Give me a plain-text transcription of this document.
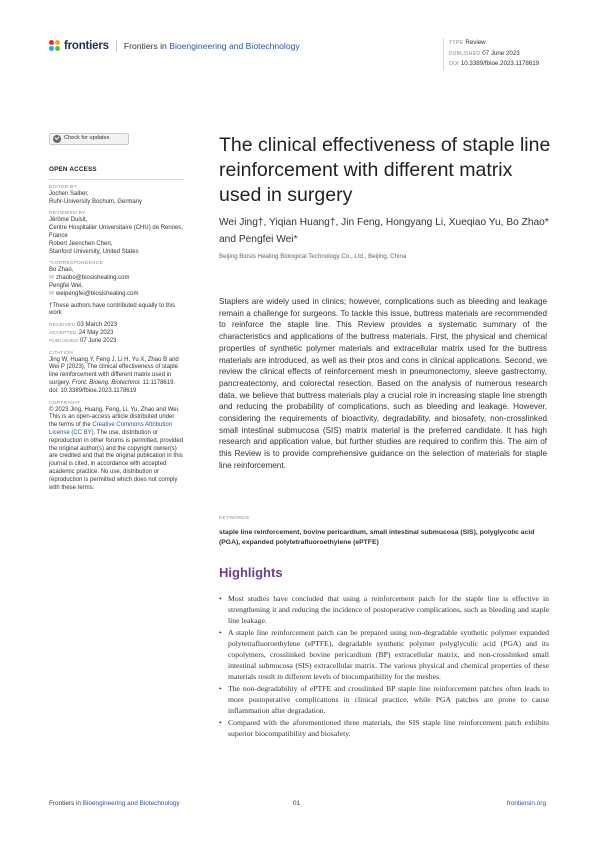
frontiers Frontiers in Bioengineering and Biotechnology	TYPE Review
PUBLISHED 07 June 2023
DOI 10.3389/fbioe.2023.1178619
Check for updates
OPEN ACCESS
EDITED BY
Jochen Salber,
Ruhr-University Bochum, Germany
REVIEWED BY
Jérôme Duisit,
Centre Hospitalier Universitaire (CHU) de Rennes, France
Robert Jeenchen Chen,
Stanford University, United States
*CORRESPONDENCE
Bo Zhao,
✉ zhaobo@biosishealing.com
Pengfei Wei,
✉ weipengfei@biosishealing.com
†These authors have contributed equally to this work
RECEIVED 03 March 2023
ACCEPTED 24 May 2023
PUBLISHED 07 June 2023
CITATION
Jing W, Huang Y, Feng J, Li H, Yu X, Zhao B and Wei P (2023), The clinical effectiveness of staple line reinforcement with different matrix used in surgery. Front. Bioeng. Biotechnol. 11:1178619. doi: 10.3389/fbioe.2023.1178619
COPYRIGHT
© 2023 Jing, Huang, Feng, Li, Yu, Zhao and Wei. This is an open-access article distributed under the terms of the Creative Commons Attribution License (CC BY). The use, distribution or reproduction in other forums is permitted, provided the original author(s) and the copyright owner(s) are credited and that the original publication in this journal is cited, in accordance with accepted academic practice. No use, distribution or reproduction is permitted which does not comply with these terms.
The clinical effectiveness of staple line reinforcement with different matrix used in surgery
Wei Jing†, Yiqian Huang†, Jin Feng, Hongyang Li, Xueqiao Yu, Bo Zhao* and Pengfei Wei*
Beijing Biosis Healing Biological Technology Co., Ltd., Beijing, China

Staplers are widely used in clinics; however, complications such as bleeding and leakage remain a challenge for surgeons. To tackle this issue, buttress materials are recommended to reinforce the staple line. This Review provides a systematic summary of the characteristics and applications of the buttress materials. First, the physical and chemical properties of synthetic polymer materials and extracellular matrix used for the buttress materials are introduced, as well as their pros and cons in clinical applications. Second, we review the clinical effects of reinforcement mesh in pneumonectomy, sleeve gastrectomy, pancreatectomy, and colorectal resection. Based on the analysis of numerous research data, we believe that buttress materials play a crucial role in increasing staple line strength and reducing the probability of complications, such as bleeding and leakage. However, considering the requirements of bioactivity, degradability, and biosafety, non-crosslinked small intestinal submucosa (SIS) matrix material is the preferred candidate. It has high research and application value, but further studies are required to confirm this. The aim of this Review is to provide comprehensive guidance on the selection of materials for staple line reinforcement.

KEYWORDS
staple line reinforcement, bovine pericardium, small intestinal submucosa (SIS), polyglycolic acid (PGA), expanded polytetrafluoroethylene (ePTFE)
Highlights
• Most studies have concluded that using a reinforcement patch for the staple line is effective in strengthening it and reducing the incidence of postoperative complications, such as bleeding and staple line leakage.
• A staple line reinforcement patch can be prepared using non-degradable synthetic polymer expanded polytetrafluoroethylene (ePTFE), degradable synthetic polymer polyglycolic acid (PGA) and its copolymers, crosslinked bovine pericardium (BP) extracellular matrix, and non-crosslinked small intestinal submucosa (SIS) extracellular matrix. The various physical and chemical properties of these materials result in different levels of biocompatibility for the meshes.
• The non-degradability of ePTFE and crosslinked BP staple line reinforcement patches often leads to more postoperative complications in clinical practice, while PGA patches are prone to cause inflammation after degradation.
• Compared with the aforementioned three materials, the SIS staple line reinforcement patch exhibits superior biocompatibility and biosafety.
Frontiers in Bioengineering and Biotechnology	01	frontiersin.org
